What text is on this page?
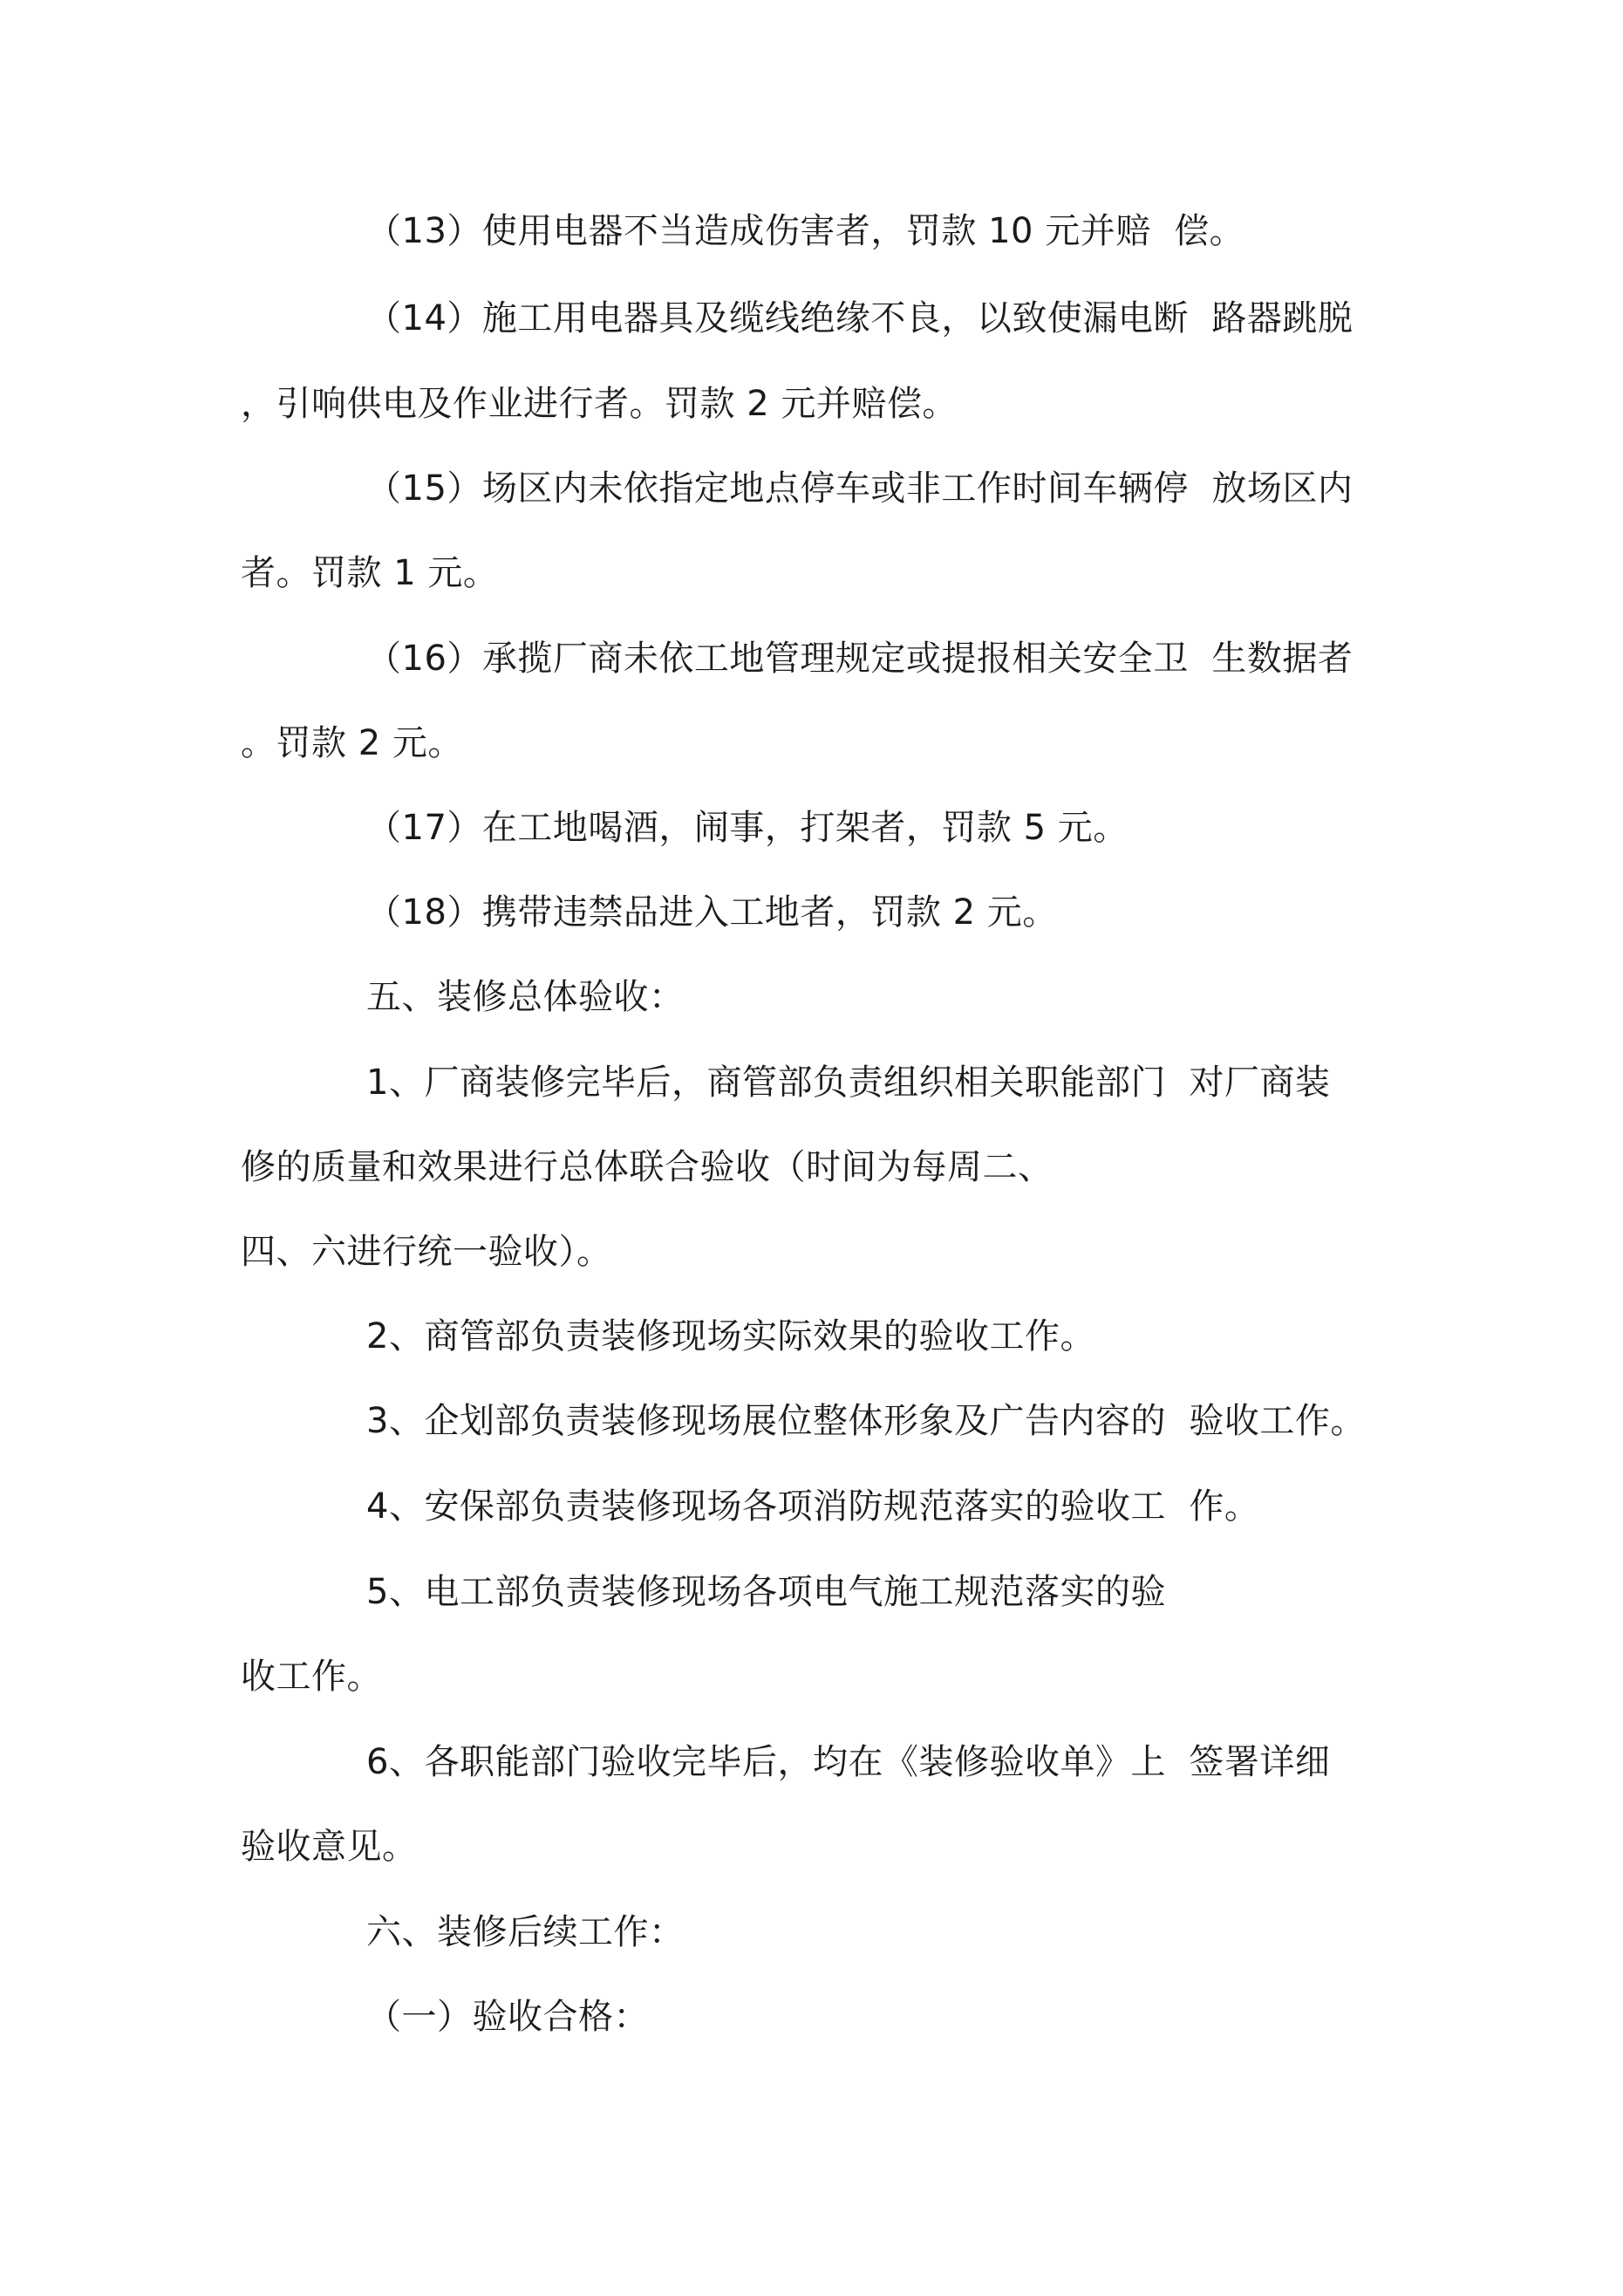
（13）使用电器不当造成伤害者，罚款 10 元并赔  偿。
（14）施工用电器具及缆线绝缘不良，以致使漏电断  路器跳脱
，引响供电及作业进行者。罚款 2 元并赔偿。
（15）场区内未依指定地点停车或非工作时间车辆停  放场区内
者。罚款 1 元。
（16）承揽厂商未依工地管理规定或提报相关安全卫  生数据者
。罚款 2 元。
（17）在工地喝酒，闹事，打架者，罚款 5 元。
（18）携带违禁品进入工地者，罚款 2 元。
五、装修总体验收：
1、厂商装修完毕后，商管部负责组织相关职能部门  对厂商装
修的质量和效果进行总体联合验收（时间为每周二、
四、六进行统一验收）。
2、商管部负责装修现场实际效果的验收工作。
3、企划部负责装修现场展位整体形象及广告内容的  验收工作。
4、安保部负责装修现场各项消防规范落实的验收工  作。
5、电工部负责装修现场各项电气施工规范落实的验
收工作。
6、各职能部门验收完毕后，均在《装修验收单》上  签署详细
验收意见。
六、装修后续工作：
（一）验收合格：
